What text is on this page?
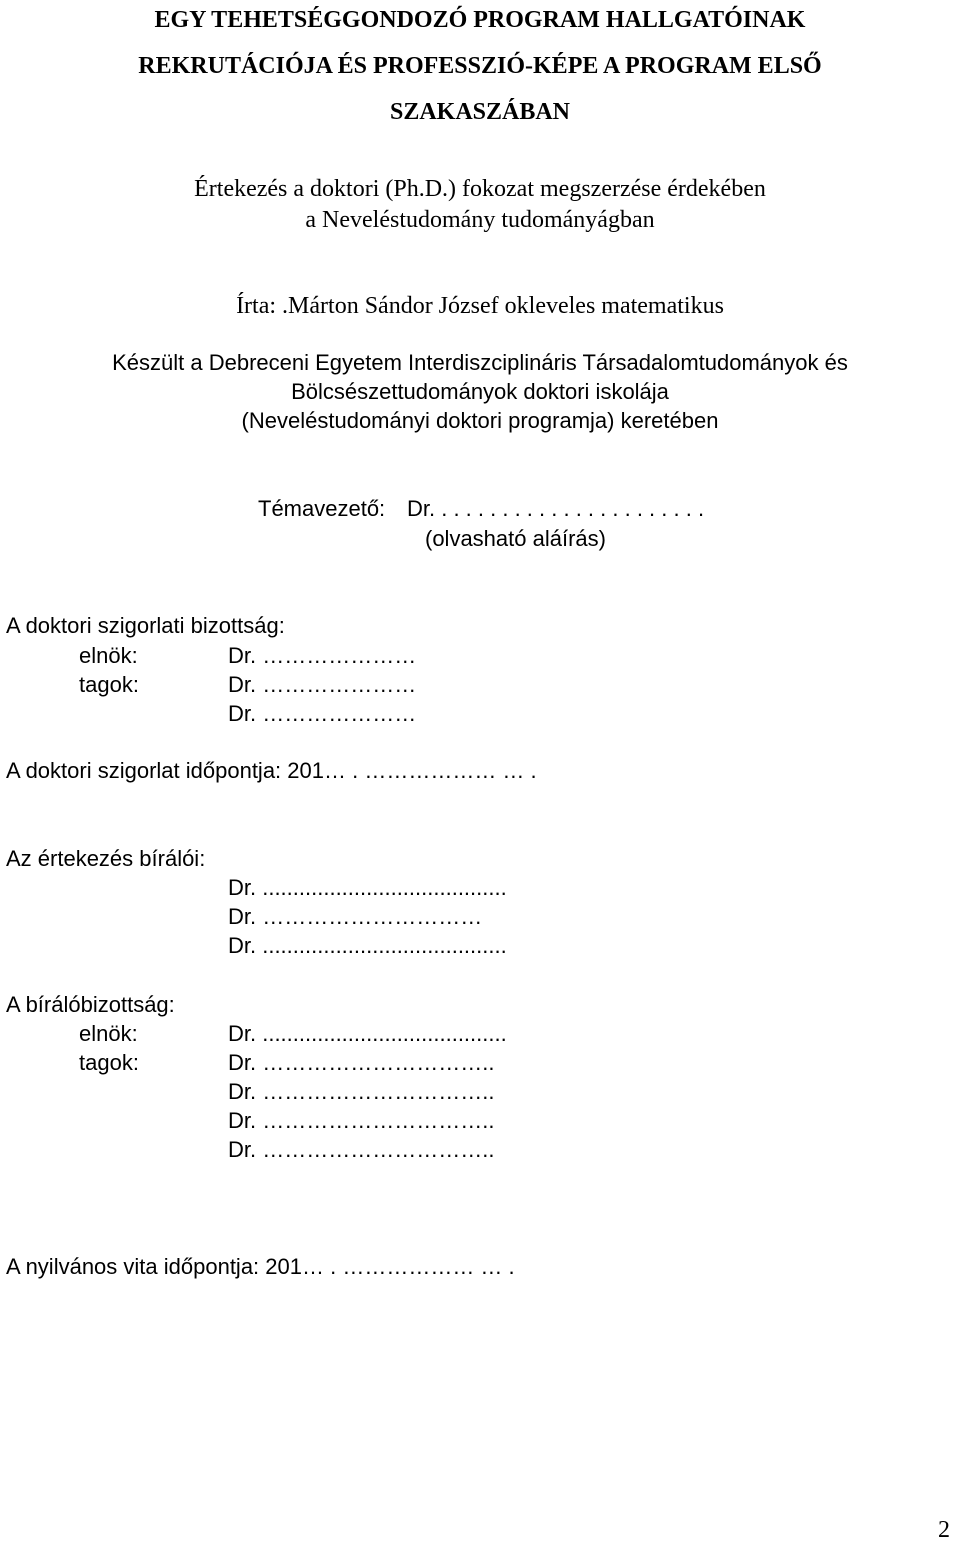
EGY TEHETSÉGGONDOZÓ PROGRAM HALLGATÓINAK
REKRUTÁCIÓJA ÉS PROFESSZIÓ-KÉPE A PROGRAM ELSŐ
SZAKASZÁBAN
Értekezés a doktori (Ph.D.) fokozat megszerzése érdekében
a Neveléstudomány tudományágban
Írta: .Márton Sándor József okleveles matematikus
Készült a Debreceni Egyetem Interdiszciplináris Társadalomtudományok és
Bölcsészettudományok doktori iskolája
(Neveléstudományi doktori programja) keretében
Témavezető: Dr. . . . . . . . . . . . . . . . . . . . . . .
(olvasható aláírás)
A doktori szigorlati bizottság:
elnök:	Dr. …………………
tagok:	Dr. …………………
Dr. …………………
A doktori szigorlat időpontja: 201… . ……………… … .
Az értekezés bírálói:
Dr. ........................................
Dr. …………………………
Dr. ........................................
A bírálóbizottság:
elnök:	Dr. ........................................
tagok:	Dr. …………………………..
Dr. …………………………..
Dr. …………………………..
Dr. …………………………..
A nyilvános vita időpontja: 201… . ……………… … .
2
